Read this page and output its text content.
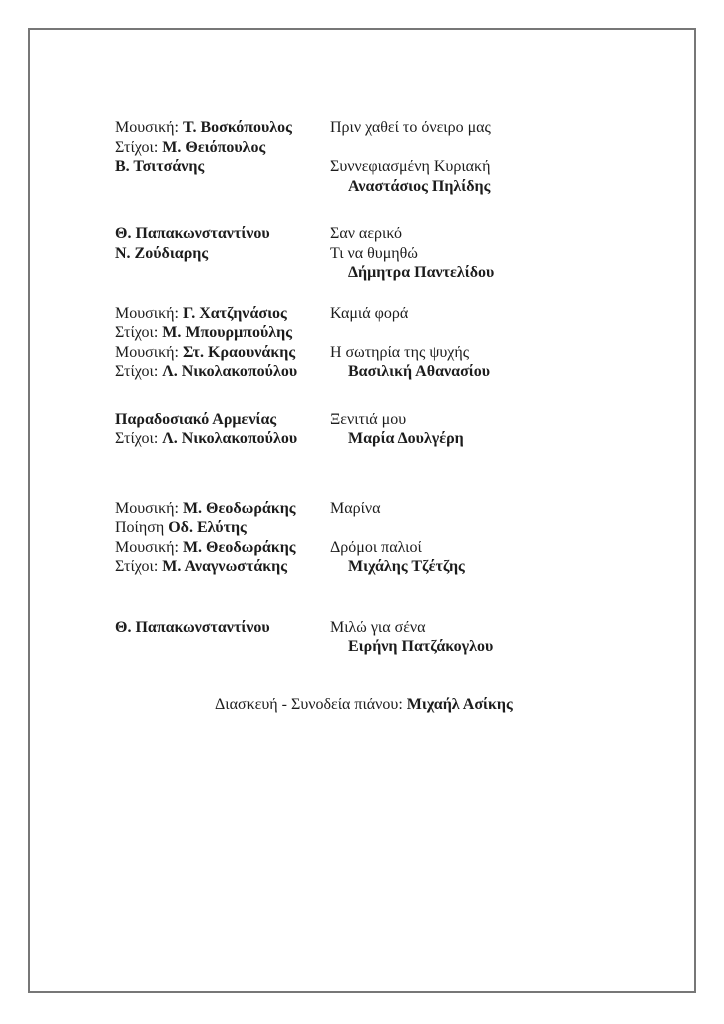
Μουσική: Τ. Βοσκόπουλος	Πριν χαθεί το όνειρο μας
Στίχοι: Μ. Θειόπουλος
Β. Τσιτσάνης	Συννεφιασμένη Κυριακή
Αναστάσιος Πηλίδης
Θ. Παπακωνσταντίνου	Σαν αερικό
Ν. Ζούδιαρης	Τι να θυμηθώ
Δήμητρα Παντελίδου
Μουσική: Γ. Χατζηνάσιος	Καμιά φορά
Στίχοι: Μ. Μπουρμπούλης
Μουσική: Στ. Κραουνάκης	Η σωτηρία της ψυχής
Στίχοι: Λ. Νικολακοπούλου	Βασιλική Αθανασίου
Παραδοσιακό Αρμενίας	Ξενιτιά μου
Στίχοι: Λ. Νικολακοπούλου	Μαρία Δουλγέρη
Μουσική: Μ. Θεοδωράκης	Μαρίνα
Ποίηση Οδ. Ελύτης
Μουσική: Μ. Θεοδωράκης	Δρόμοι παλιοί
Στίχοι: Μ. Αναγνωστάκης	Μιχάλης Τζέτζης
Θ. Παπακωνσταντίνου	Μιλώ για σένα
Ειρήνη Πατζάκογλου
Διασκευή - Συνοδεία πιάνου: Μιχαήλ Ασίκης
